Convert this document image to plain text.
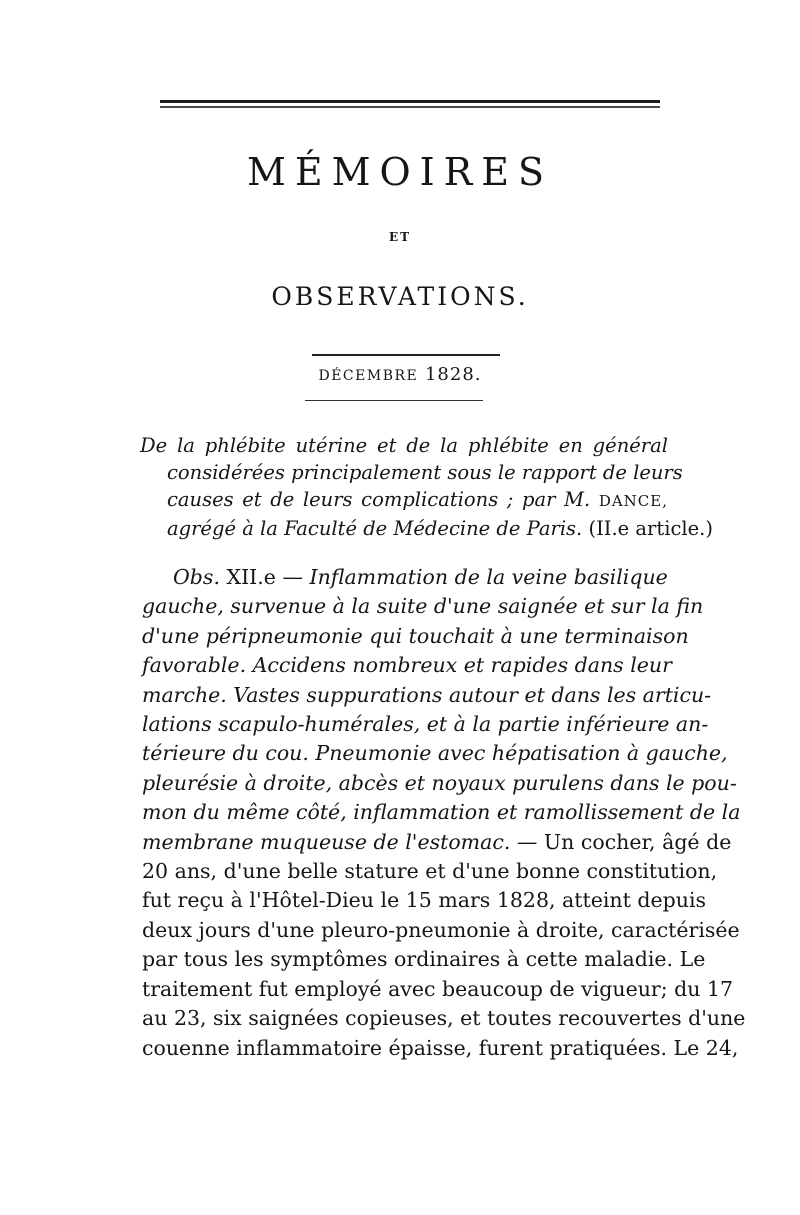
MÉMOIRES
ET
OBSERVATIONS.
DÉCEMBRE 1828.
De la phlébite utérine et de la phlébite en général
considérées principalement sous le rapport de leurs
causes et de leurs complications ; par M. DANCE,
agrégé à la Faculté de Médecine de Paris. (II.e article.)
Obs. XII.e — Inflammation de la veine basilique
gauche, survenue à la suite d'une saignée et sur la fin
d'une péripneumonie qui touchait à une terminaison
favorable. Accidens nombreux et rapides dans leur
marche. Vastes suppurations autour et dans les articu-
lations scapulo-humérales, et à la partie inférieure an-
térieure du cou. Pneumonie avec hépatisation à gauche,
pleurésie à droite, abcès et noyaux purulens dans le pou-
mon du même côté, inflammation et ramollissement de la
membrane muqueuse de l'estomac. — Un cocher, âgé de
20 ans, d'une belle stature et d'une bonne constitution,
fut reçu à l'Hôtel-Dieu le 15 mars 1828, atteint depuis
deux jours d'une pleuro-pneumonie à droite, caractérisée
par tous les symptômes ordinaires à cette maladie. Le
traitement fut employé avec beaucoup de vigueur; du 17
au 23, six saignées copieuses, et toutes recouvertes d'une
couenne inflammatoire épaisse, furent pratiquées. Le 24,
